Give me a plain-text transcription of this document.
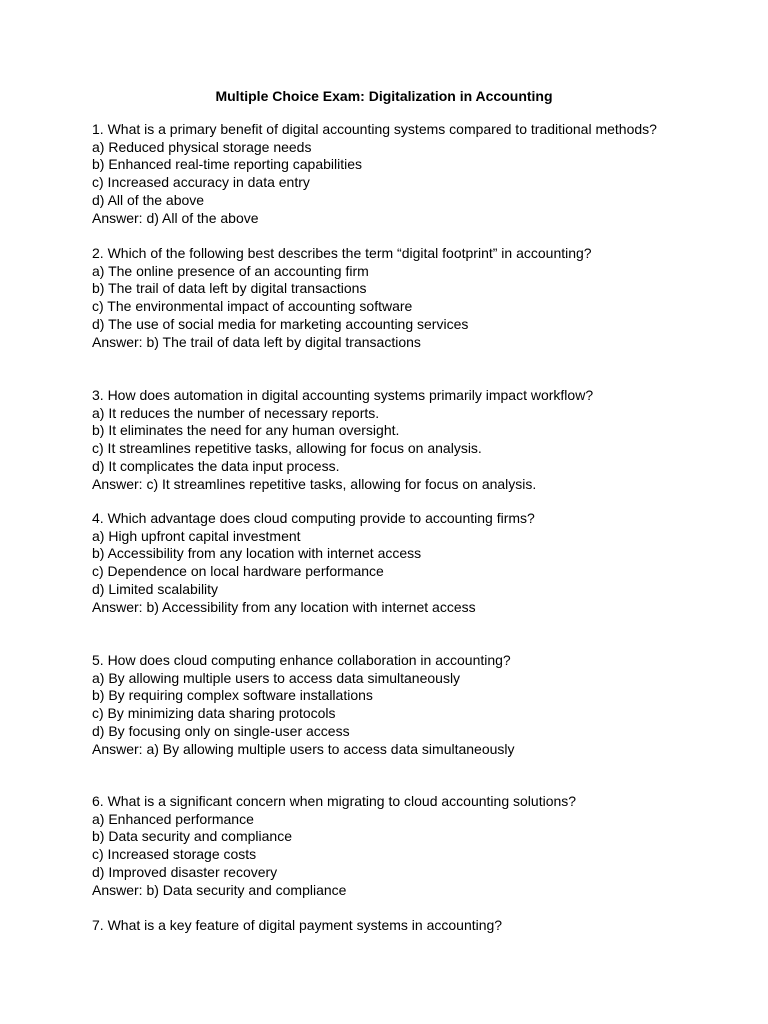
Multiple Choice Exam: Digitalization in Accounting

1. What is a primary benefit of digital accounting systems compared to traditional methods?

a) Reduced physical storage needs

b) Enhanced real-time reporting capabilities

c) Increased accuracy in data entry

d) All of the above

Answer: d) All of the above

2. Which of the following best describes the term “digital footprint” in accounting?

a) The online presence of an accounting firm

b) The trail of data left by digital transactions

c) The environmental impact of accounting software

d) The use of social media for marketing accounting services

Answer: b) The trail of data left by digital transactions

3. How does automation in digital accounting systems primarily impact workflow?

a) It reduces the number of necessary reports.

b) It eliminates the need for any human oversight.

c) It streamlines repetitive tasks, allowing for focus on analysis.

d) It complicates the data input process.

Answer: c) It streamlines repetitive tasks, allowing for focus on analysis.

4. Which advantage does cloud computing provide to accounting firms?

a) High upfront capital investment

b) Accessibility from any location with internet access

c) Dependence on local hardware performance

d) Limited scalability

Answer: b) Accessibility from any location with internet access

5. How does cloud computing enhance collaboration in accounting?

a) By allowing multiple users to access data simultaneously

b) By requiring complex software installations

c) By minimizing data sharing protocols

d) By focusing only on single-user access

Answer: a) By allowing multiple users to access data simultaneously

6. What is a significant concern when migrating to cloud accounting solutions?

a) Enhanced performance

b) Data security and compliance

c) Increased storage costs

d) Improved disaster recovery

Answer: b) Data security and compliance

7. What is a key feature of digital payment systems in accounting?
